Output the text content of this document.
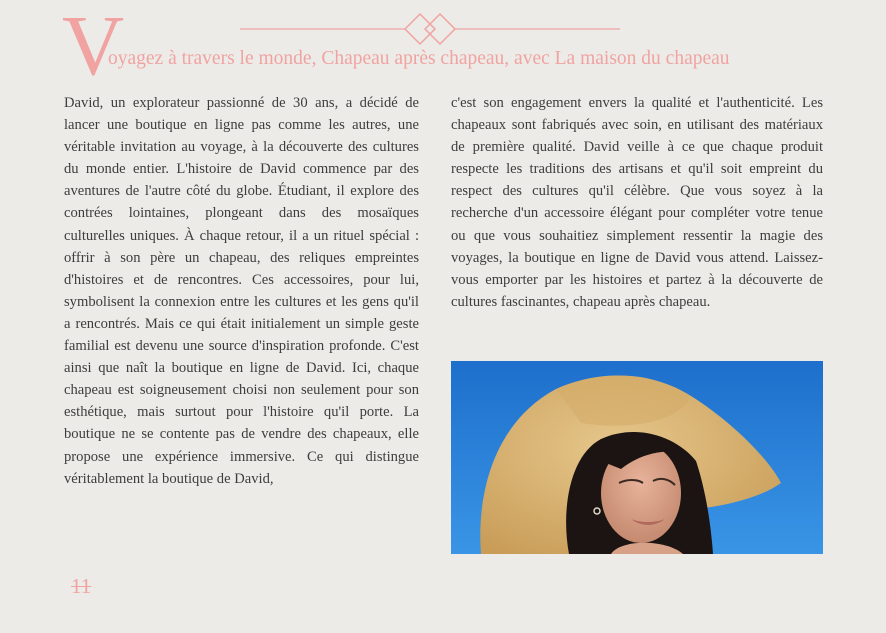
V
oyagez à travers le monde, Chapeau après chapeau, avec La maison du chapeau

David, un explorateur passionné de 30 ans, a décidé de lancer une boutique en ligne pas comme les autres, une véritable invitation au voyage, à la découverte des cultures du monde entier. L'histoire de David commence par des aventures de l'autre côté du globe. Étudiant, il explore des contrées lointaines, plongeant dans des mosaïques culturelles uniques. À chaque retour, il a un rituel spécial : offrir à son père un chapeau, des reliques empreintes d'histoires et de rencontres. Ces accessoires, pour lui, symbolisent la connexion entre les cultures et les gens qu'il a rencontrés. Mais ce qui était initialement un simple geste familial est devenu une source d'inspiration profonde. C'est ainsi que naît la boutique en ligne de David. Ici, chaque chapeau est soigneusement choisi non seulement pour son esthétique, mais surtout pour l'histoire qu'il porte. La boutique ne se contente pas de vendre des chapeaux, elle propose une expérience immersive. Ce qui distingue véritablement la boutique de David,

c'est son engagement envers la qualité et l'authenticité. Les chapeaux sont fabriqués avec soin, en utilisant des matériaux de première qualité. David veille à ce que chaque produit respecte les traditions des artisans et qu'il soit empreint du respect des cultures qu'il célèbre. Que vous soyez à la recherche d'un accessoire élégant pour compléter votre tenue ou que vous souhaitiez simplement ressentir la magie des voyages, la boutique en ligne de David vous attend. Laissez-vous emporter par les histoires et partez à la découverte de cultures fascinantes, chapeau après chapeau.

11
